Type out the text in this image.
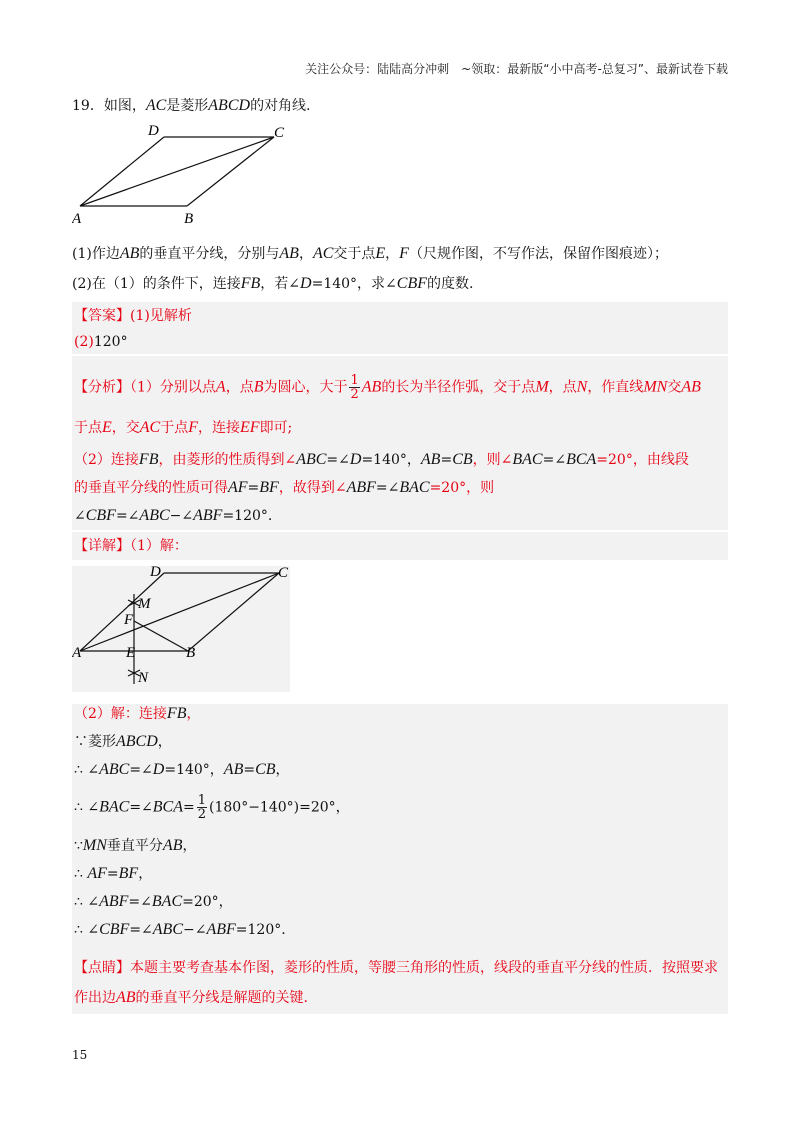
关注公众号：陆陆高分冲刺　~领取：最新版“小中高考-总复习”、最新试卷下载
19．如图，AC是菱形ABCD的对角线.
D	C
A	B
(1)作边AB的垂直平分线，分别与AB，AC交于点E，F（尺规作图，不写作法，保留作图痕迹）；
(2)在（1）的条件下，连接FB，若∠D=140°，求∠CBF的度数.
【答案】(1)见解析
(2)120°
【分析】（1）分别以点A，点B为圆心，大于 $\frac{1}{2}$ AB的长为半径作弧，交于点M，点N，作直线MN交AB
于点E，交AC于点F，连接EF即可;
（2）连接FB，由菱形的性质得到∠ABC=∠D=140°，AB=CB，则∠BAC=∠BCA=20°，由线段
的垂直平分线的性质可得AF=BF，故得到∠ABF=∠BAC=20°，则
∠CBF=∠ABC−∠ABF=120°.
【详解】（1）解：
D	C
M
F
A	E	B
N
（2）解：连接FB，
∵菱形ABCD，
∴ ∠ABC=∠D=140°，AB=CB，
∴ ∠BAC=∠BCA= $\frac{1}{2} (180^\circ-140^\circ)=20^\circ$，
∵MN垂直平分AB，
∴ AF=BF，
∴ ∠ABF=∠BAC=20°，
∴ ∠CBF=∠ABC−∠ABF=120°.
【点睛】本题主要考查基本作图，菱形的性质，等腰三角形的性质，线段的垂直平分线的性质．按照要求
作出边AB的垂直平分线是解题的关键.
15
